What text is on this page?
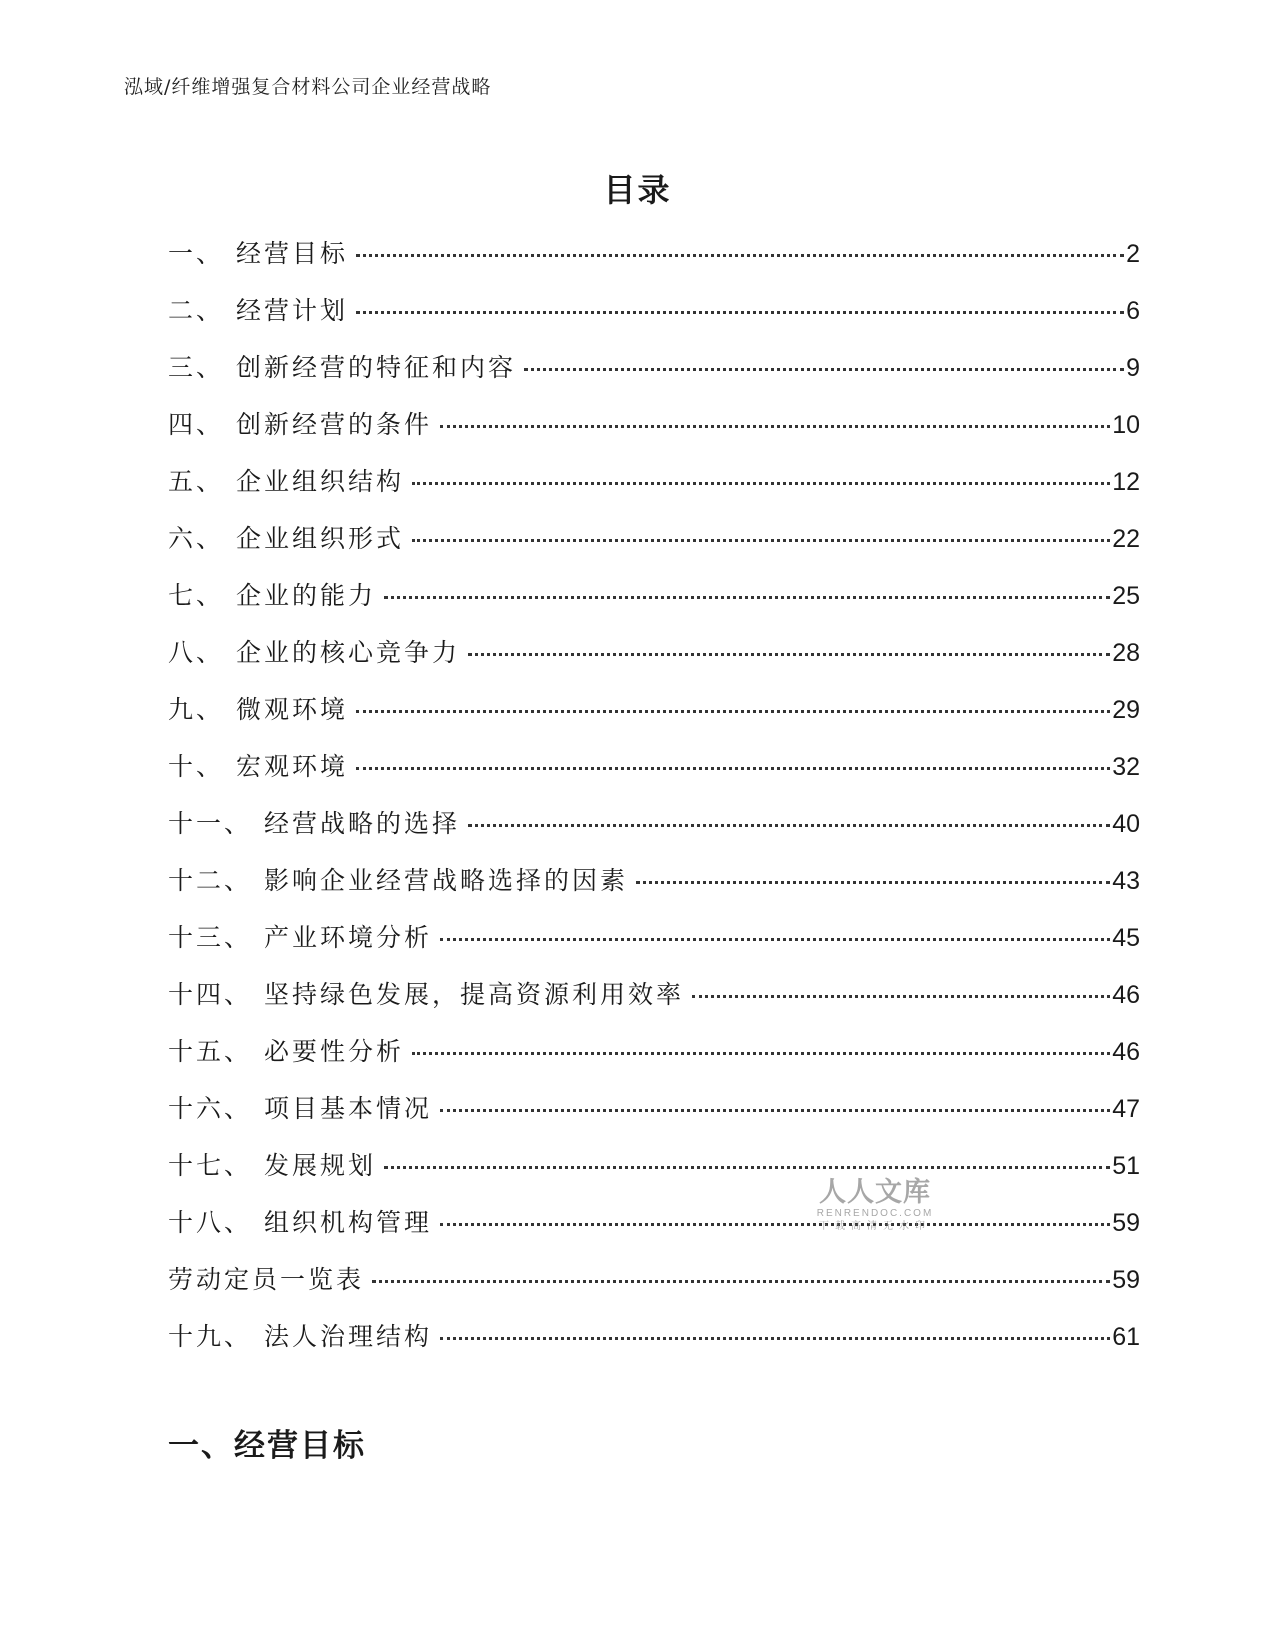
泓域/纤维增强复合材料公司企业经营战略
目录
一、 经营目标	2
二、 经营计划	6
三、 创新经营的特征和内容	9
四、 创新经营的条件	10
五、 企业组织结构	12
六、 企业组织形式	22
七、 企业的能力	25
八、 企业的核心竞争力	28
九、 微观环境	29
十、 宏观环境	32
十一、 经营战略的选择	40
十二、 影响企业经营战略选择的因素	43
十三、 产业环境分析	45
十四、 坚持绿色发展，提高资源利用效率	46
十五、 必要性分析	46
十六、 项目基本情况	47
十七、 发展规划	51
十八、 组织机构管理	59
劳动定员一览表	59
十九、 法人治理结构	61
一、经营目标
人人文库
RENRENDOC.COM
下载高清无水印
